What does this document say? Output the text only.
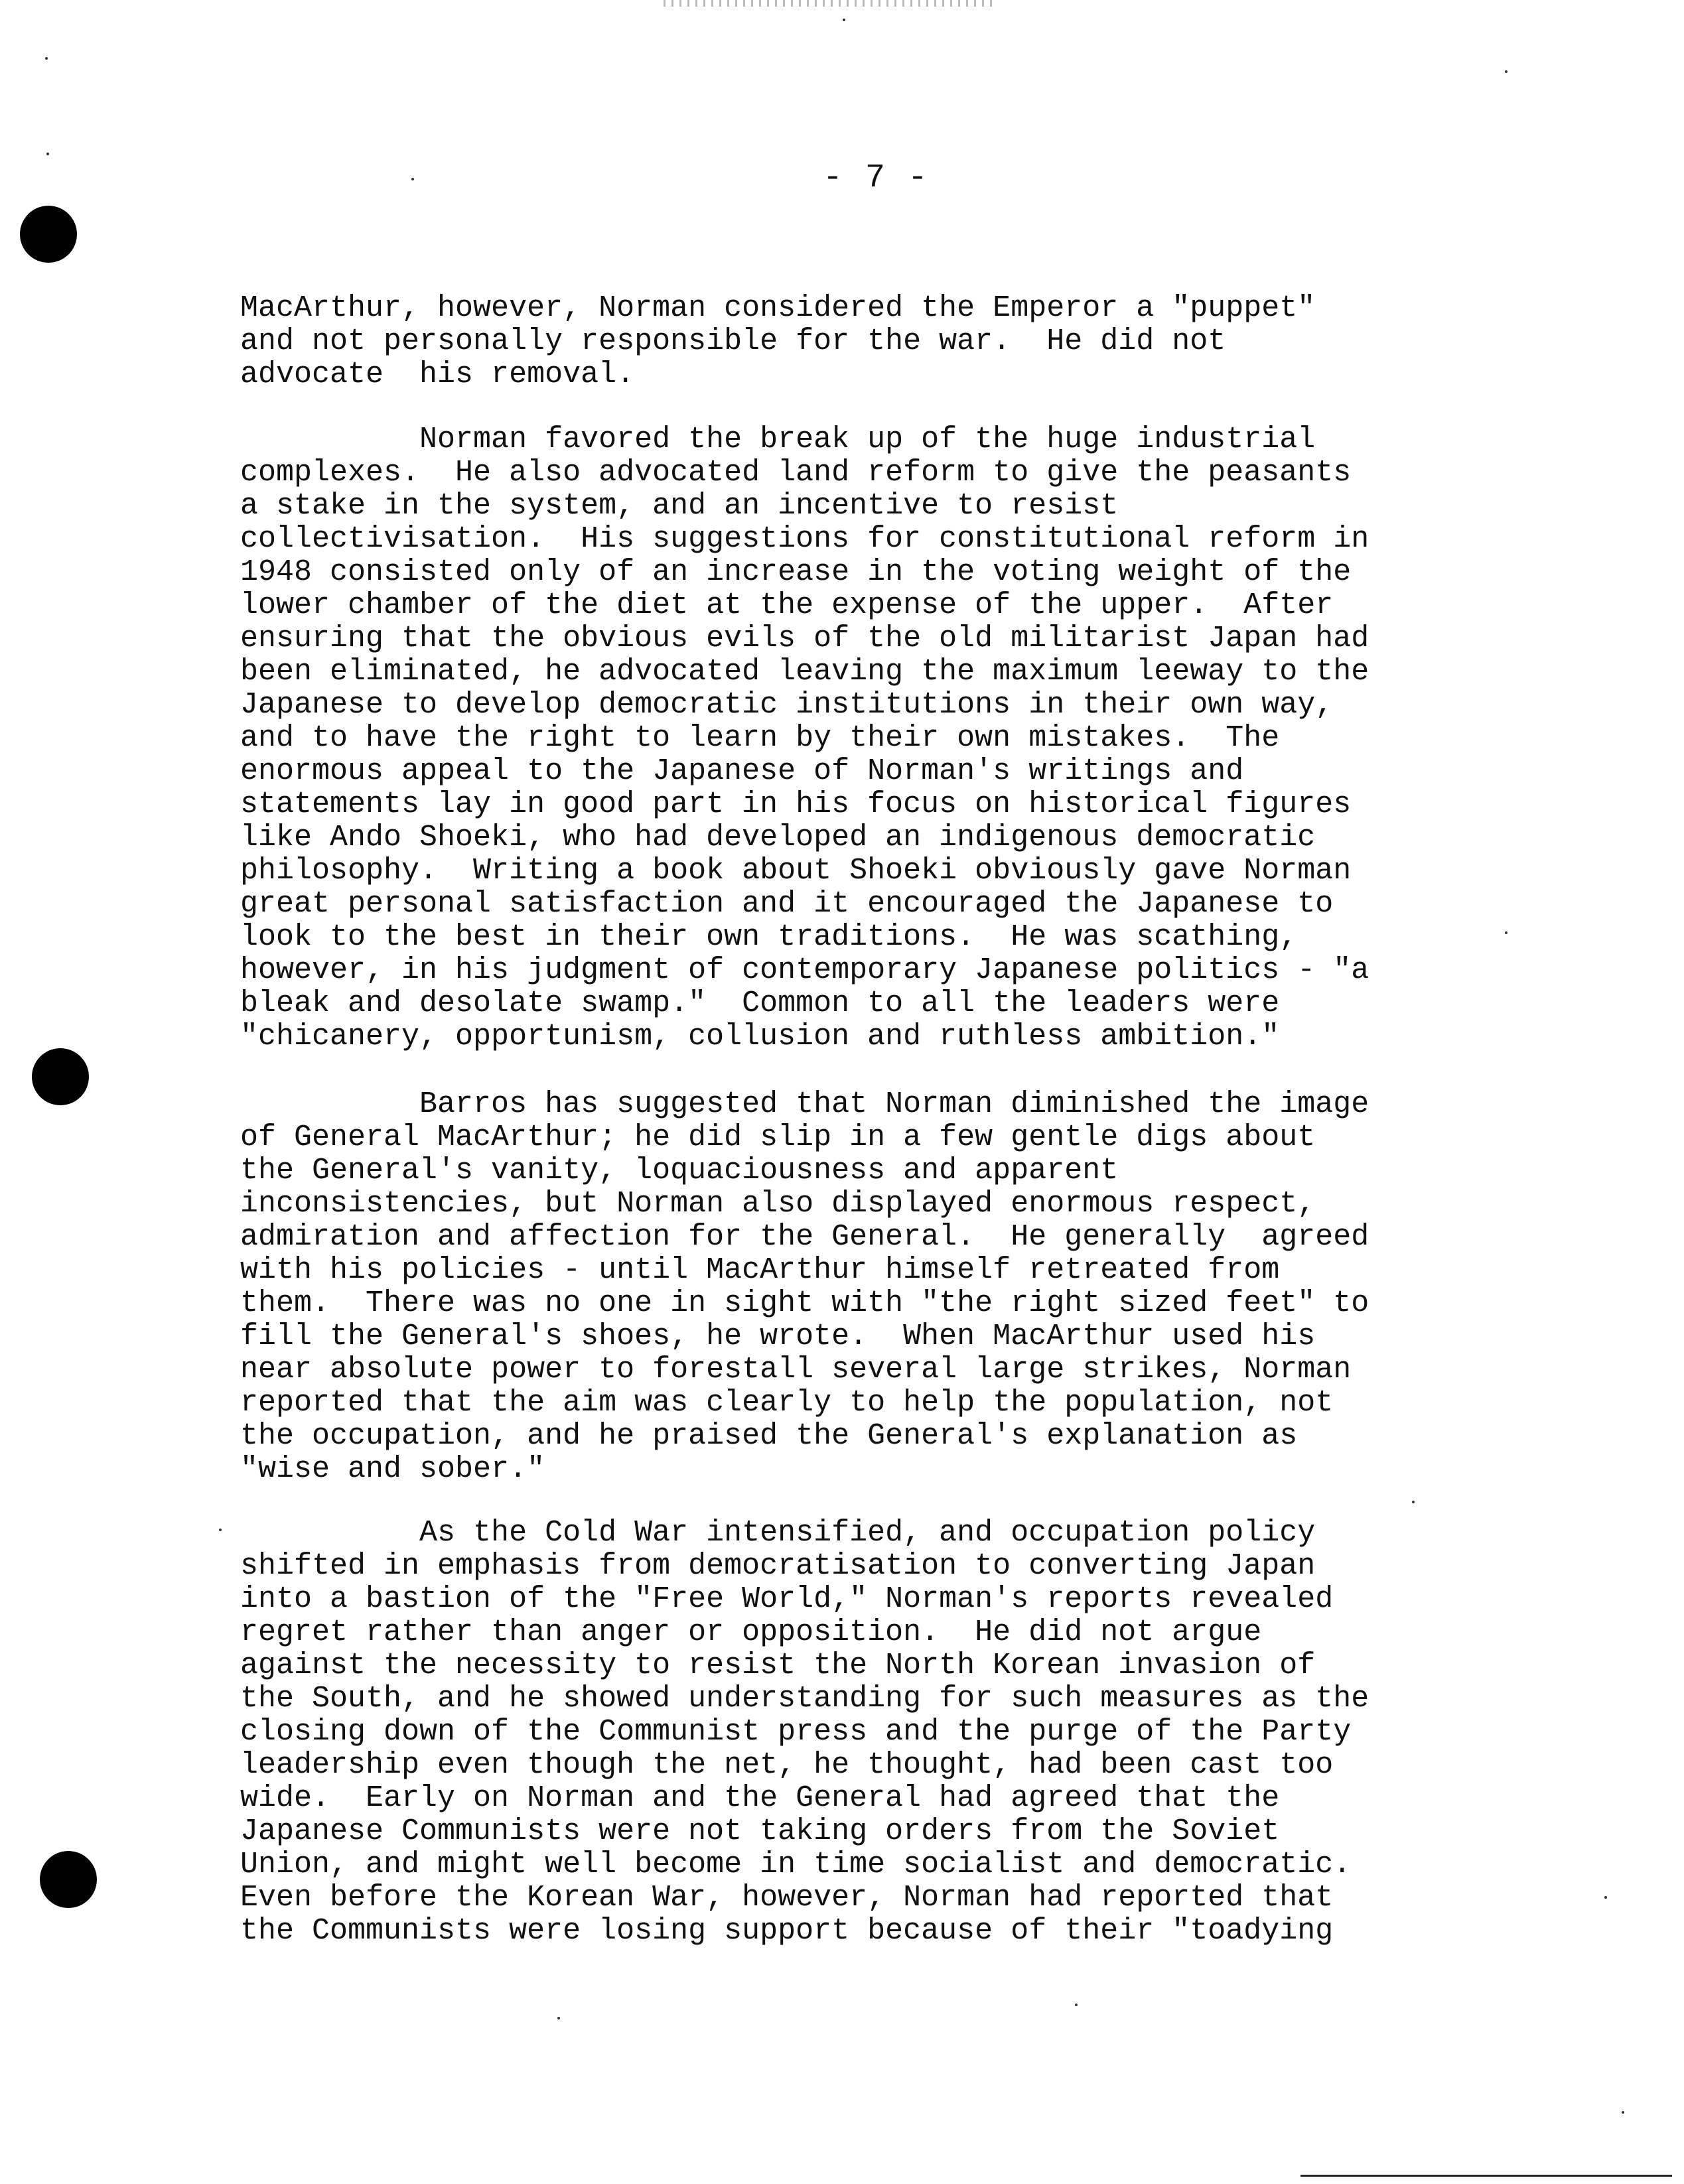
- 7 -
MacArthur, however, Norman considered the Emperor a "puppet"
and not personally responsible for the war.  He did not
advocate  his removal.
Norman favored the break up of the huge industrial
complexes.  He also advocated land reform to give the peasants
a stake in the system, and an incentive to resist
collectivisation.  His suggestions for constitutional reform in
1948 consisted only of an increase in the voting weight of the
lower chamber of the diet at the expense of the upper.  After
ensuring that the obvious evils of the old militarist Japan had
been eliminated, he advocated leaving the maximum leeway to the
Japanese to develop democratic institutions in their own way,
and to have the right to learn by their own mistakes.  The
enormous appeal to the Japanese of Norman's writings and
statements lay in good part in his focus on historical figures
like Ando Shoeki, who had developed an indigenous democratic
philosophy.  Writing a book about Shoeki obviously gave Norman
great personal satisfaction and it encouraged the Japanese to
look to the best in their own traditions.  He was scathing,
however, in his judgment of contemporary Japanese politics - "a
bleak and desolate swamp."  Common to all the leaders were
"chicanery, opportunism, collusion and ruthless ambition."
Barros has suggested that Norman diminished the image
of General MacArthur; he did slip in a few gentle digs about
the General's vanity, loquaciousness and apparent
inconsistencies, but Norman also displayed enormous respect,
admiration and affection for the General.  He generally  agreed
with his policies - until MacArthur himself retreated from
them.  There was no one in sight with "the right sized feet" to
fill the General's shoes, he wrote.  When MacArthur used his
near absolute power to forestall several large strikes, Norman
reported that the aim was clearly to help the population, not
the occupation, and he praised the General's explanation as
"wise and sober."
As the Cold War intensified, and occupation policy
shifted in emphasis from democratisation to converting Japan
into a bastion of the "Free World," Norman's reports revealed
regret rather than anger or opposition.  He did not argue
against the necessity to resist the North Korean invasion of
the South, and he showed understanding for such measures as the
closing down of the Communist press and the purge of the Party
leadership even though the net, he thought, had been cast too
wide.  Early on Norman and the General had agreed that the
Japanese Communists were not taking orders from the Soviet
Union, and might well become in time socialist and democratic.
Even before the Korean War, however, Norman had reported that
the Communists were losing support because of their "toadying
